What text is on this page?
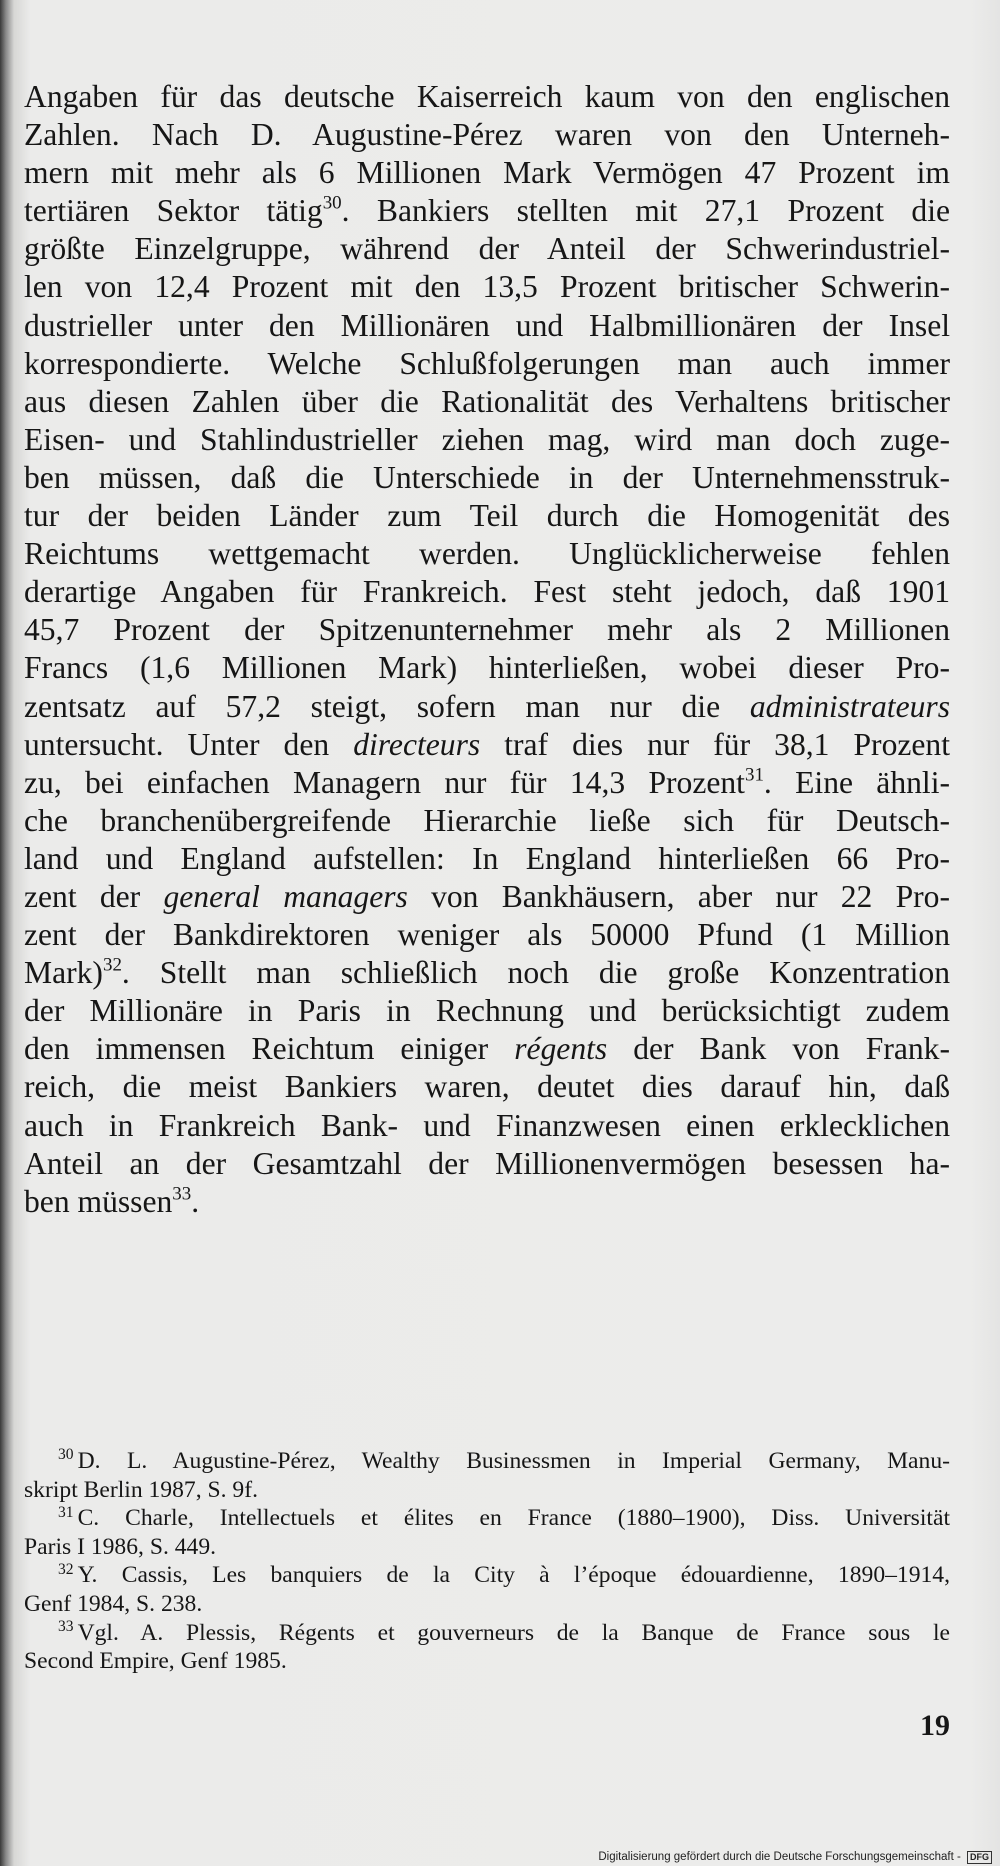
Angaben für das deutsche Kaiserreich kaum von den englischen
Zahlen. Nach D. Augustine-Pérez waren von den Unterneh-
mern mit mehr als 6 Millionen Mark Vermögen 47 Prozent im
tertiären Sektor tätig$^{30}$. Bankiers stellten mit 27,1 Prozent die
größte Einzelgruppe, während der Anteil der Schwerindustriel-
len von 12,4 Prozent mit den 13,5 Prozent britischer Schwerin-
dustrieller unter den Millionären und Halbmillionären der Insel
korrespondierte. Welche Schlußfolgerungen man auch immer
aus diesen Zahlen über die Rationalität des Verhaltens britischer
Eisen- und Stahlindustrieller ziehen mag, wird man doch zuge-
ben müssen, daß die Unterschiede in der Unternehmensstruk-
tur der beiden Länder zum Teil durch die Homogenität des
Reichtums wettgemacht werden. Unglücklicherweise fehlen
derartige Angaben für Frankreich. Fest steht jedoch, daß 1901
45,7 Prozent der Spitzenunternehmer mehr als 2 Millionen
Francs (1,6 Millionen Mark) hinterließen, wobei dieser Pro-
zentsatz auf 57,2 steigt, sofern man nur die administrateurs
untersucht. Unter den directeurs traf dies nur für 38,1 Prozent
zu, bei einfachen Managern nur für 14,3 Prozent$^{31}$. Eine ähnli-
che branchenübergreifende Hierarchie ließe sich für Deutsch-
land und England aufstellen: In England hinterließen 66 Pro-
zent der general managers von Bankhäusern, aber nur 22 Pro-
zent der Bankdirektoren weniger als 50000 Pfund (1 Million
Mark)$^{32}$. Stellt man schließlich noch die große Konzentration
der Millionäre in Paris in Rechnung und berücksichtigt zudem
den immensen Reichtum einiger régents der Bank von Frank-
reich, die meist Bankiers waren, deutet dies darauf hin, daß
auch in Frankreich Bank- und Finanzwesen einen erklecklichen
Anteil an der Gesamtzahl der Millionenvermögen besessen ha-
ben müssen$^{33}$.
$^{30}$ D. L. Augustine-Pérez, Wealthy Businessmen in Imperial Germany, Manu-
skript Berlin 1987, S. 9f.
$^{31}$ C. Charle, Intellectuels et élites en France (1880–1900), Diss. Universität
Paris I 1986, S. 449.
$^{32}$ Y. Cassis, Les banquiers de la City à l’époque édouardienne, 1890–1914,
Genf 1984, S. 238.
$^{33}$ Vgl. A. Plessis, Régents et gouverneurs de la Banque de France sous le
Second Empire, Genf 1985.
19
Digitalisierung gefördert durch die Deutsche Forschungsgemeinschaft - DFG
